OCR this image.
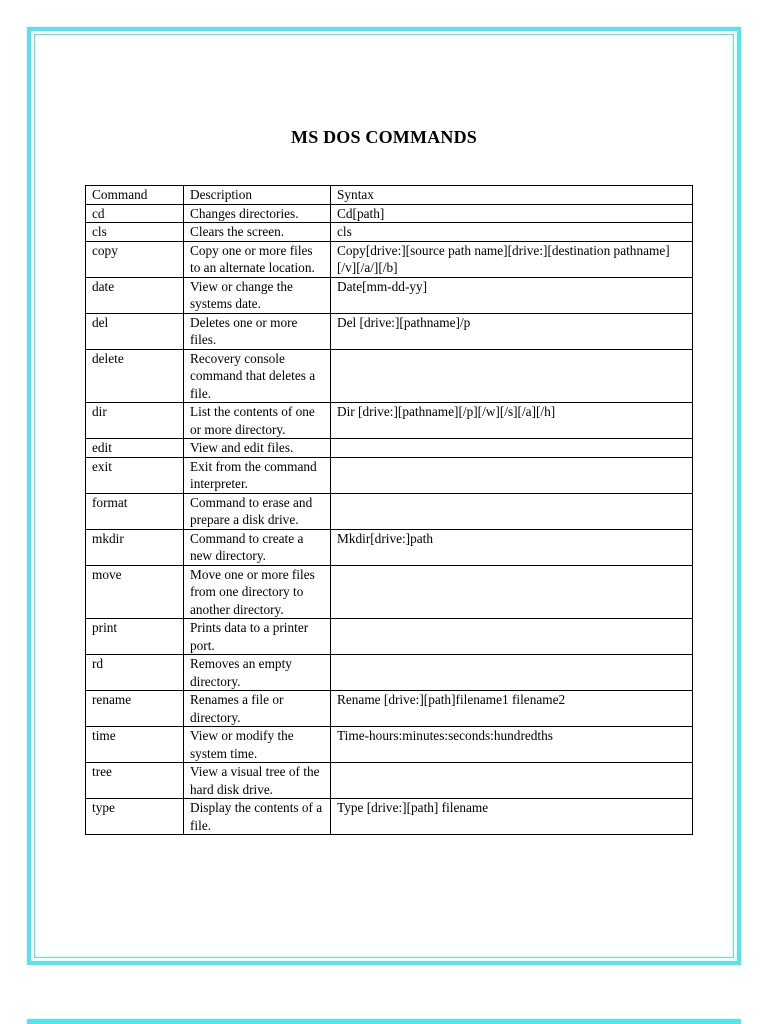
MS DOS COMMANDS
Command	Description	Syntax
cd	Changes directories.	Cd[path]
cls	Clears the screen.	cls
copy	Copy one or more files to an alternate location.	Copy[drive:][source path name][drive:][destination pathname][/v][/a/][/b]
date	View or change the systems date.	Date[mm-dd-yy]
del	Deletes one or more files.	Del [drive:][pathname]/p
delete	Recovery console command that deletes a file.	
dir	List the contents of one or more directory.	Dir [drive:][pathname][/p][/w][/s][/a][/h]
edit	View and edit files.	
exit	Exit from the command interpreter.	
format	Command to erase and prepare a disk drive.	
mkdir	Command to create a new directory.	Mkdir[drive:]path
move	Move one or more files from one directory to another directory.	
print	Prints data to a printer port.	
rd	Removes an empty directory.	
rename	Renames a file or directory.	Rename [drive:][path]filename1 filename2
time	View or modify the system time.	Time-hours:minutes:seconds:hundredths
tree	View a visual tree of the hard disk drive.	
type	Display the contents of a file.	Type [drive:][path] filename
